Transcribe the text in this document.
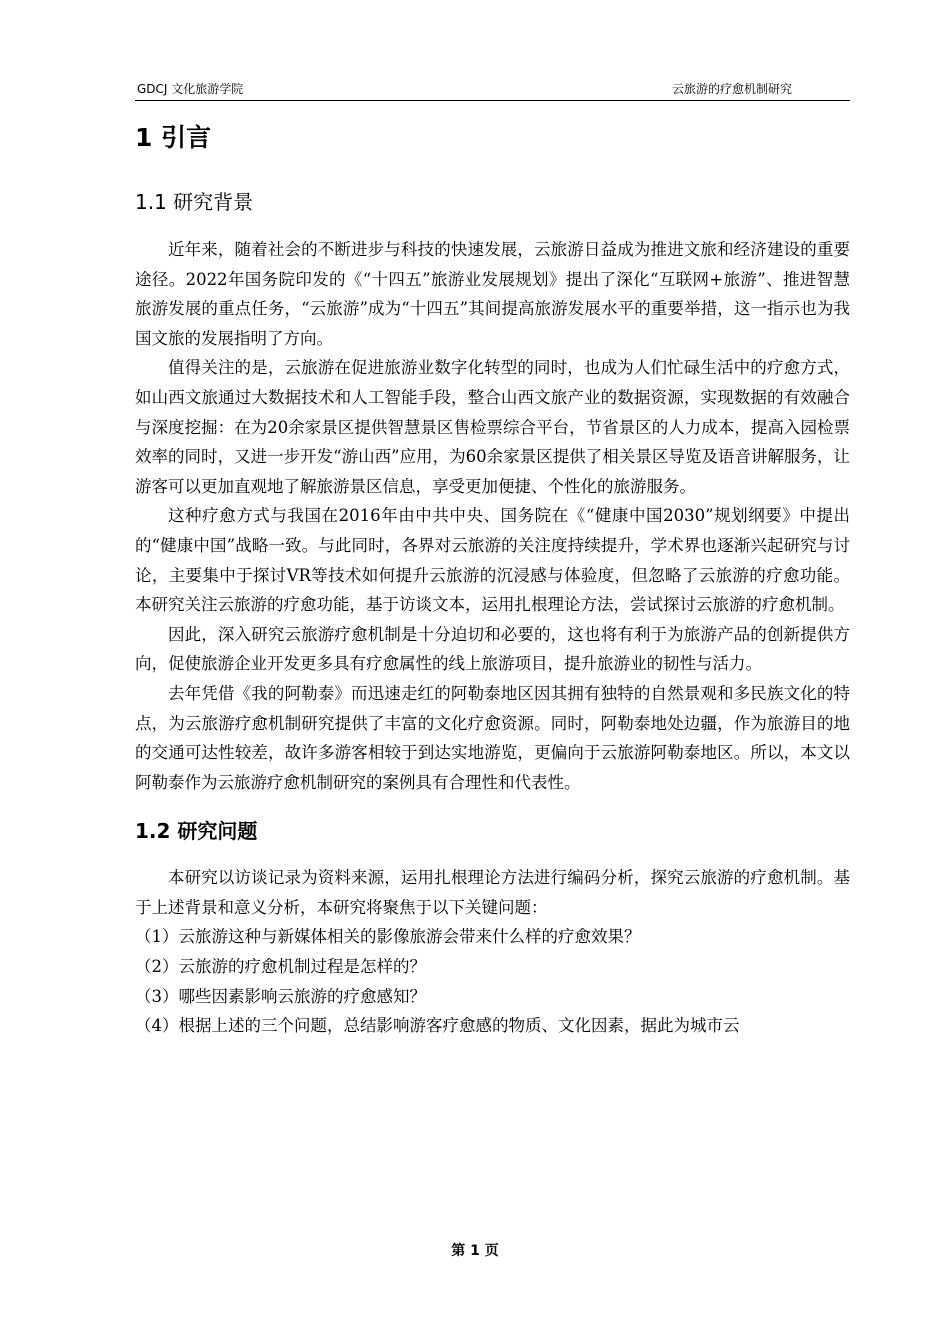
GDCJ 文化旅游学院	云旅游的疗愈机制研究
1 引言
1.1 研究背景

近年来，随着社会的不断进步与科技的快速发展，云旅游日益成为推进文旅和经济建设的重要途径。2022年国务院印发的《“十四五”旅游业发展规划》提出了深化“互联网+旅游”、推进智慧旅游发展的重点任务，“云旅游”成为“十四五”其间提高旅游发展水平的重要举措，这一指示也为我国文旅的发展指明了方向。

值得关注的是，云旅游在促进旅游业数字化转型的同时，也成为人们忙碌生活中的疗愈方式，如山西文旅通过大数据技术和人工智能手段，整合山西文旅产业的数据资源，实现数据的有效融合与深度挖掘：在为20余家景区提供智慧景区售检票综合平台，节省景区的人力成本，提高入园检票效率的同时，又进一步开发“游山西”应用，为60余家景区提供了相关景区导览及语音讲解服务，让游客可以更加直观地了解旅游景区信息，享受更加便捷、个性化的旅游服务。

这种疗愈方式与我国在2016年由中共中央、国务院在《“健康中国2030”规划纲要》中提出的“健康中国”战略一致。与此同时，各界对云旅游的关注度持续提升，学术界也逐渐兴起研究与讨论，主要集中于探讨VR等技术如何提升云旅游的沉浸感与体验度，但忽略了云旅游的疗愈功能。本研究关注云旅游的疗愈功能，基于访谈文本，运用扎根理论方法，尝试探讨云旅游的疗愈机制。

因此，深入研究云旅游疗愈机制是十分迫切和必要的，这也将有利于为旅游产品的创新提供方向，促使旅游企业开发更多具有疗愈属性的线上旅游项目，提升旅游业的韧性与活力。

去年凭借《我的阿勒泰》而迅速走红的阿勒泰地区因其拥有独特的自然景观和多民族文化的特点，为云旅游疗愈机制研究提供了丰富的文化疗愈资源。同时，阿勒泰地处边疆，作为旅游目的地的交通可达性较差，故许多游客相较于到达实地游览，更偏向于云旅游阿勒泰地区。所以，本文以阿勒泰作为云旅游疗愈机制研究的案例具有合理性和代表性。

1.2 研究问题

本研究以访谈记录为资料来源，运用扎根理论方法进行编码分析，探究云旅游的疗愈机制。基于上述背景和意义分析，本研究将聚焦于以下关键问题：

（1）云旅游这种与新媒体相关的影像旅游会带来什么样的疗愈效果？

（2）云旅游的疗愈机制过程是怎样的？

（3）哪些因素影响云旅游的疗愈感知？

（4）根据上述的三个问题，总结影响游客疗愈感的物质、文化因素，据此为城市云

第 1 页
